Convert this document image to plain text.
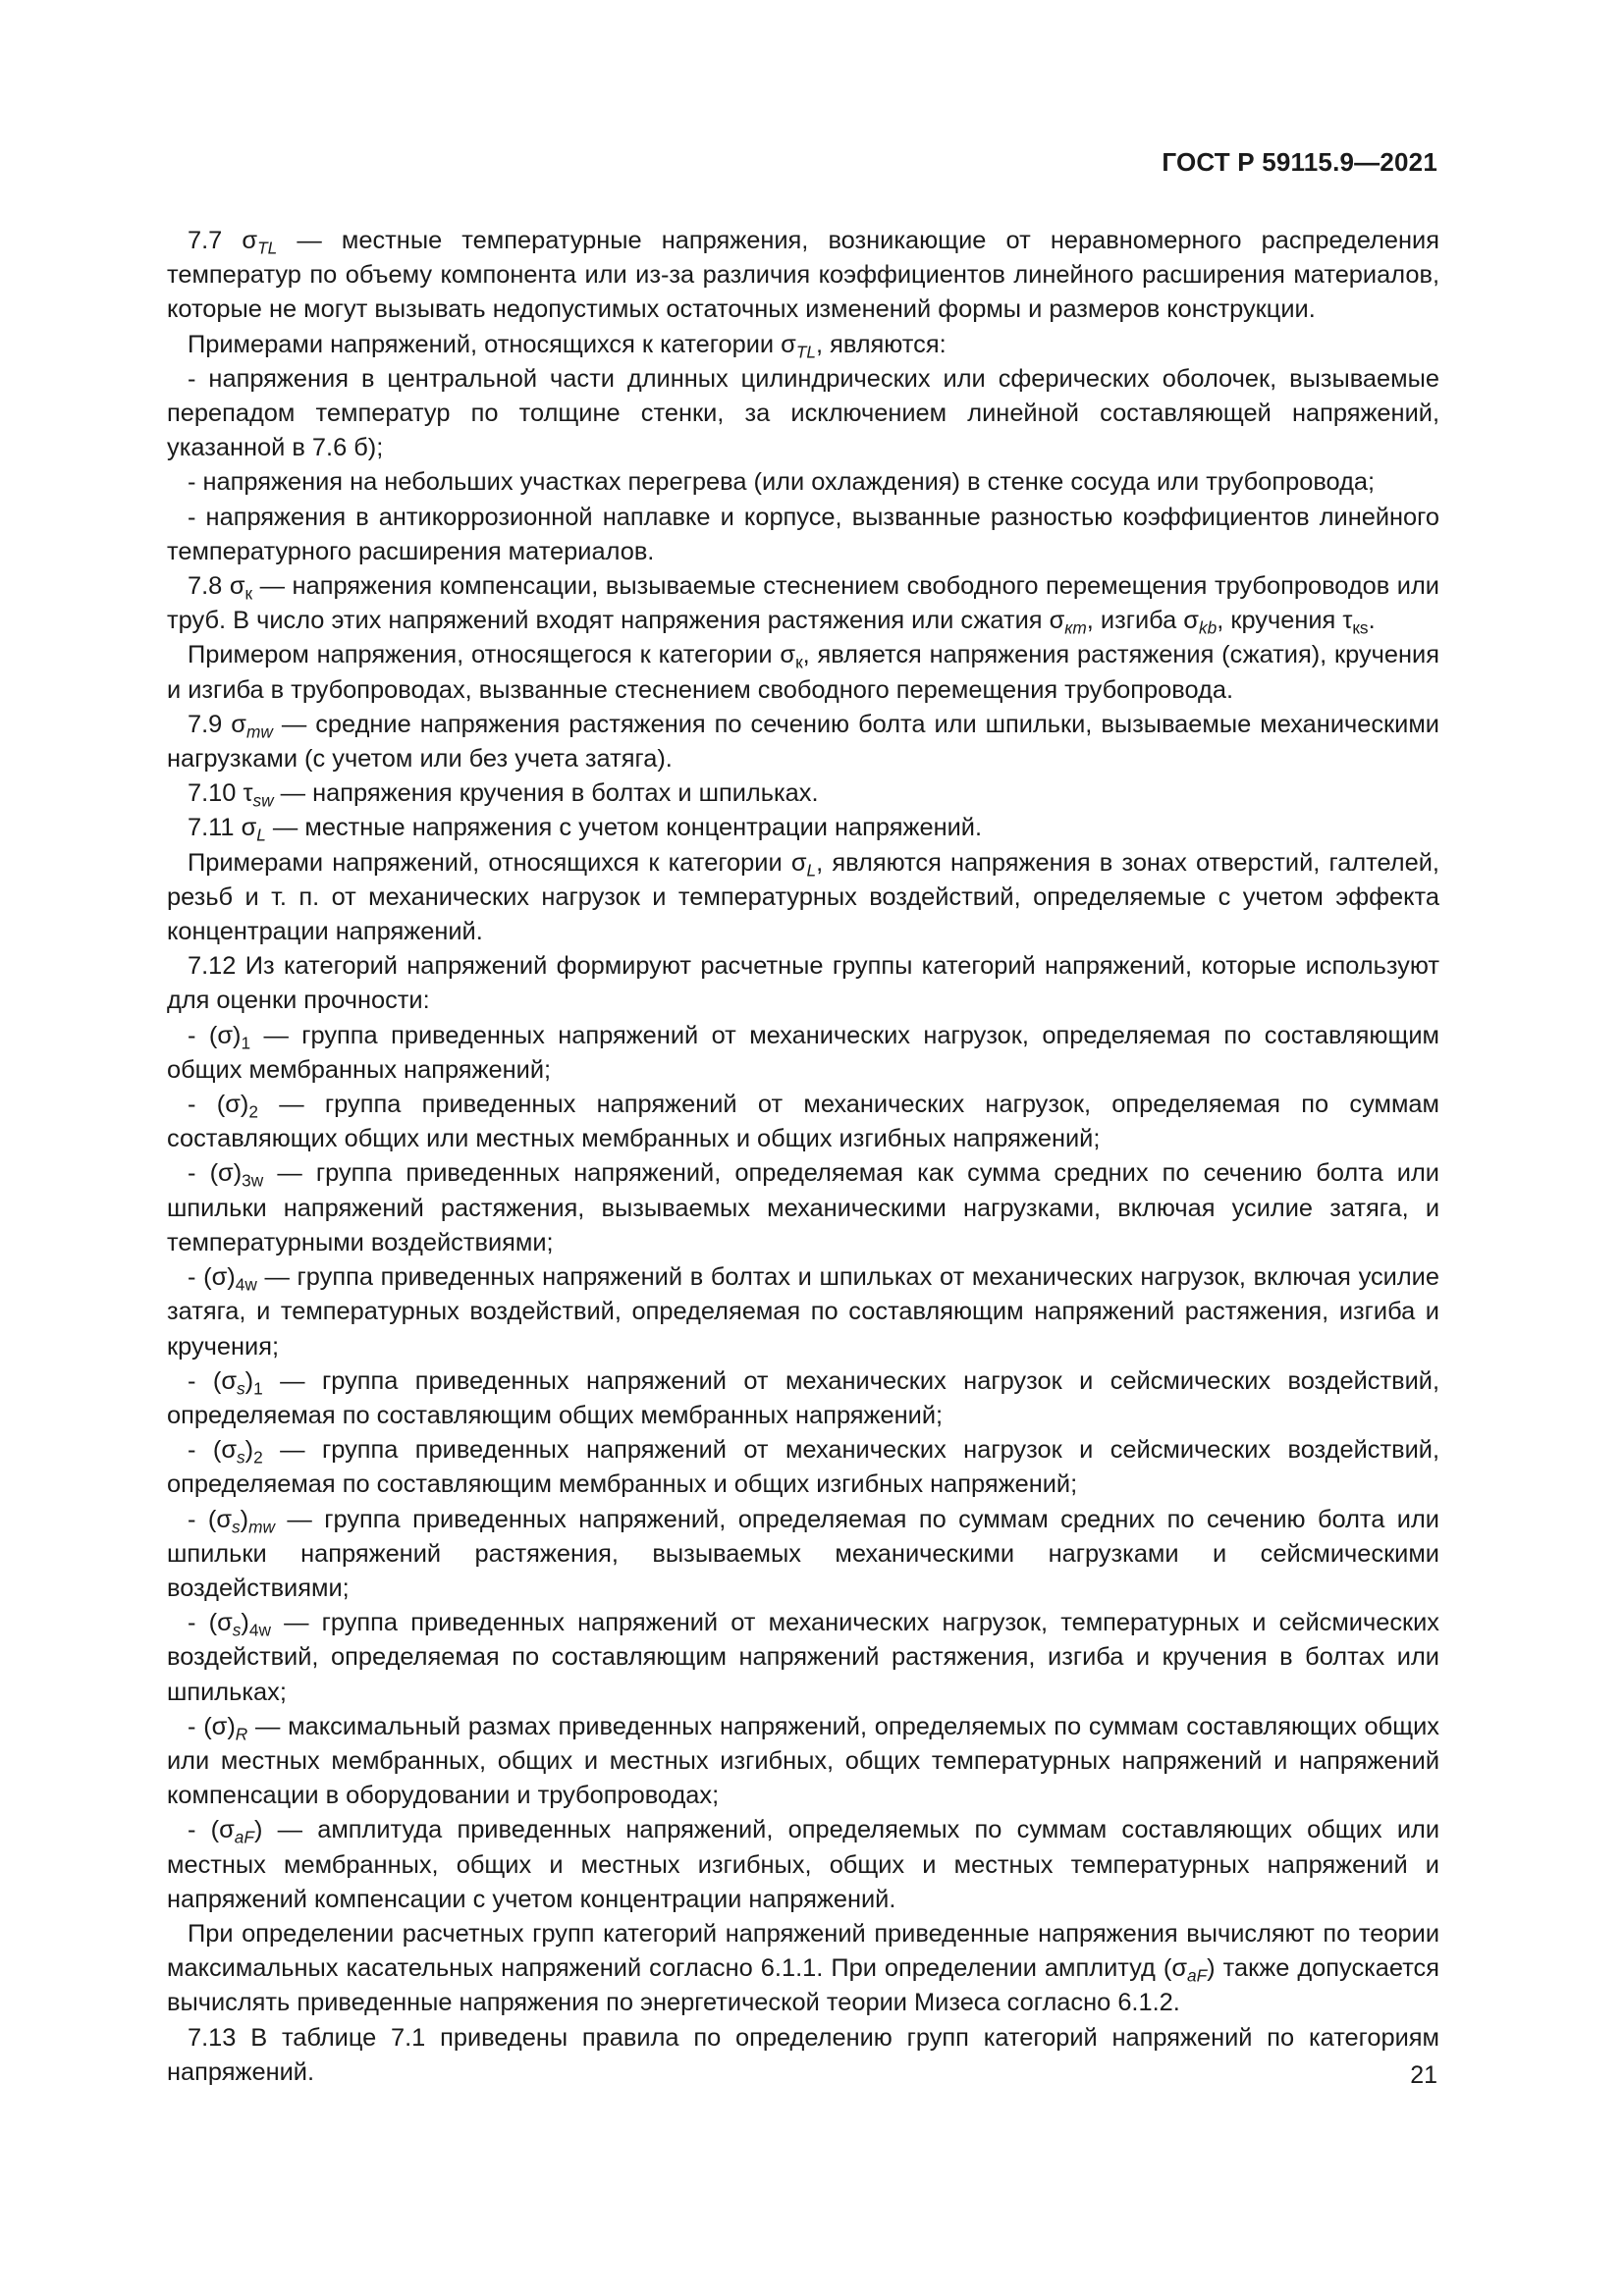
ГОСТ Р 59115.9—2021

7.7 $\sigma_{TL}$ — местные температурные напряжения, возникающие от неравномерного распределения температур по объему компонента или из-за различия коэффициентов линейного расширения материалов, которые не могут вызывать недопустимых остаточных изменений формы и размеров конструкции.

Примерами напряжений, относящихся к категории $\sigma_{TL}$, являются:

- напряжения в центральной части длинных цилиндрических или сферических оболочек, вызываемые перепадом температур по толщине стенки, за исключением линейной составляющей напряжений, указанной в 7.6 б);

- напряжения на небольших участках перегрева (или охлаждения) в стенке сосуда или трубопровода;

- напряжения в антикоррозионной наплавке и корпусе, вызванные разностью коэффициентов линейного температурного расширения материалов.

7.8 $\sigma_к$ — напряжения компенсации, вызываемые стеснением свободного перемещения трубопроводов или труб. В число этих напряжений входят напряжения растяжения или сжатия $\sigma_{кm}$, изгиба $\sigma_{kb}$, кручения $\tau_{кs}$.

Примером напряжения, относящегося к категории $\sigma_к$, является напряжения растяжения (сжатия), кручения и изгиба в трубопроводах, вызванные стеснением свободного перемещения трубопровода.

7.9 $\sigma_{mw}$ — средние напряжения растяжения по сечению болта или шпильки, вызываемые механическими нагрузками (с учетом или без учета затяга).

7.10 $\tau_{sw}$ — напряжения кручения в болтах и шпильках.

7.11 $\sigma_L$ — местные напряжения с учетом концентрации напряжений.

Примерами напряжений, относящихся к категории $\sigma_L$, являются напряжения в зонах отверстий, галтелей, резьб и т. п. от механических нагрузок и температурных воздействий, определяемые с учетом эффекта концентрации напряжений.

7.12 Из категорий напряжений формируют расчетные группы категорий напряжений, которые используют для оценки прочности:

- $(\sigma)_1$ — группа приведенных напряжений от механических нагрузок, определяемая по составляющим общих мембранных напряжений;

- $(\sigma)_2$ — группа приведенных напряжений от механических нагрузок, определяемая по суммам составляющих общих или местных мембранных и общих изгибных напряжений;

- $(\sigma)_{3w}$ — группа приведенных напряжений, определяемая как сумма средних по сечению болта или шпильки напряжений растяжения, вызываемых механическими нагрузками, включая усилие затяга, и температурными воздействиями;

- $(\sigma)_{4w}$ — группа приведенных напряжений в болтах и шпильках от механических нагрузок, включая усилие затяга, и температурных воздействий, определяемая по составляющим напряжений растяжения, изгиба и кручения;

- $(\sigma_s)_1$ — группа приведенных напряжений от механических нагрузок и сейсмических воздействий, определяемая по составляющим общих мембранных напряжений;

- $(\sigma_s)_2$ — группа приведенных напряжений от механических нагрузок и сейсмических воздействий, определяемая по составляющим мембранных и общих изгибных напряжений;

- $(\sigma_s)_{mw}$ — группа приведенных напряжений, определяемая по суммам средних по сечению болта или шпильки напряжений растяжения, вызываемых механическими нагрузками и сейсмическими воздействиями;

- $(\sigma_s)_{4w}$ — группа приведенных напряжений от механических нагрузок, температурных и сейсмических воздействий, определяемая по составляющим напряжений растяжения, изгиба и кручения в болтах или шпильках;

- $(\sigma)_R$ — максимальный размах приведенных напряжений, определяемых по суммам составляющих общих или местных мембранных, общих и местных изгибных, общих температурных напряжений и напряжений компенсации в оборудовании и трубопроводах;

- $(\sigma_{aF})$ — амплитуда приведенных напряжений, определяемых по суммам составляющих общих или местных мембранных, общих и местных изгибных, общих и местных температурных напряжений и напряжений компенсации с учетом концентрации напряжений.

При определении расчетных групп категорий напряжений приведенные напряжения вычисляют по теории максимальных касательных напряжений согласно 6.1.1. При определении амплитуд $(\sigma_{aF})$ также допускается вычислять приведенные напряжения по энергетической теории Мизеса согласно 6.1.2.

7.13 В таблице 7.1 приведены правила по определению групп категорий напряжений по категориям напряжений.	21
